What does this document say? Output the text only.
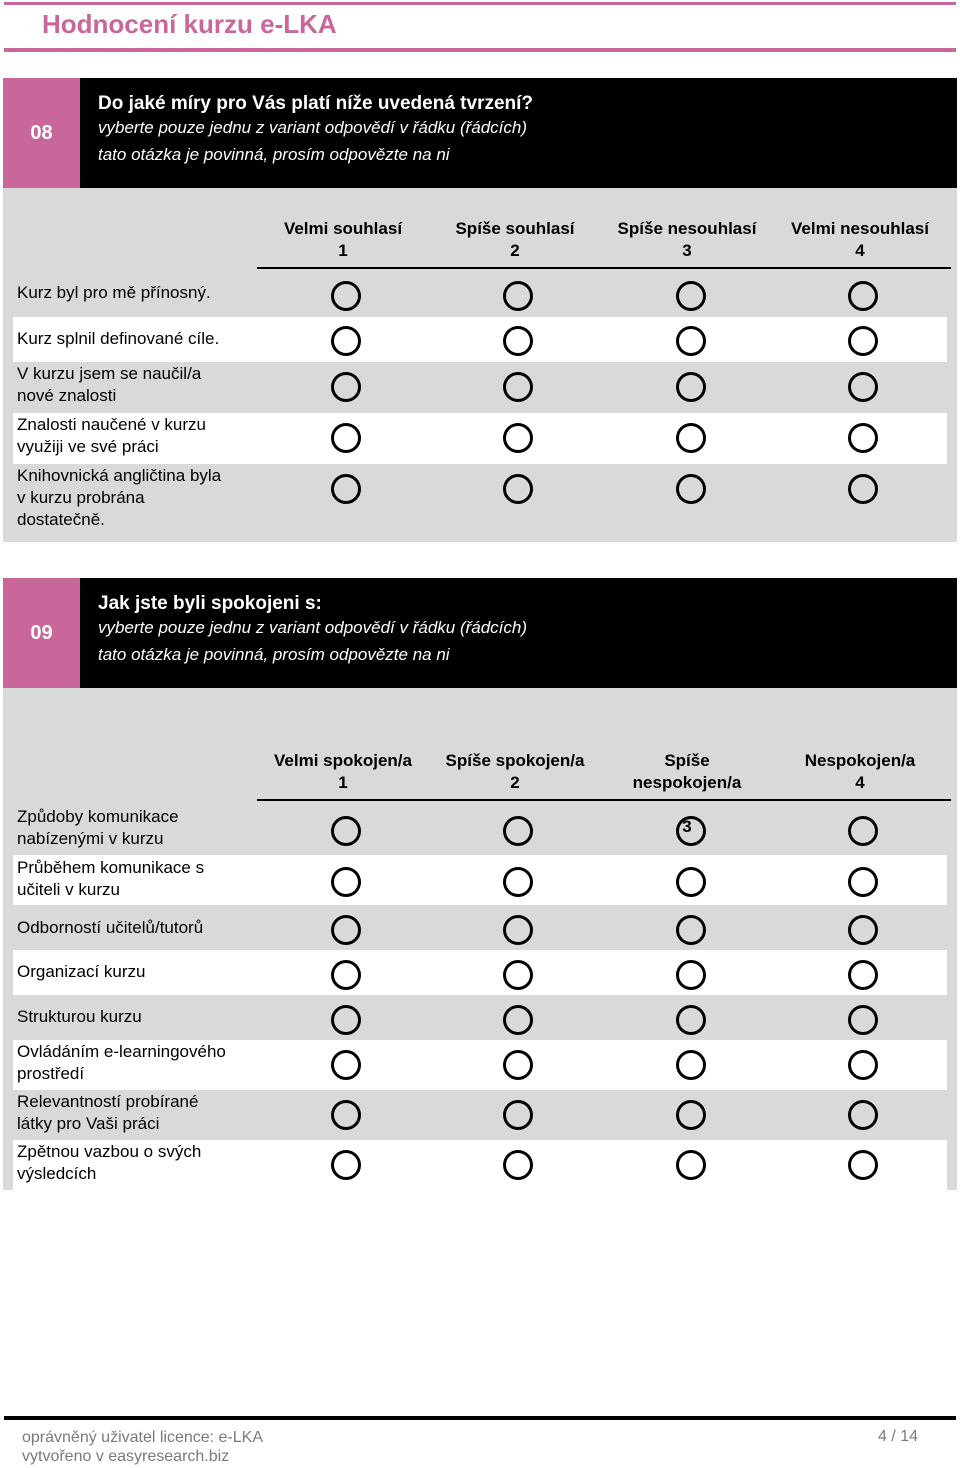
Hodnocení kurzu e-LKA
08
Do jaké míry pro Vás platí níže uvedená tvrzení?
vyberte pouze jednu z variant odpovědí v řádku (řádcích)
tato otázka je povinná, prosím odpovězte na ni
Velmi souhlasí
1
Spíše souhlasí
2
Spíše nesouhlasí
3
Velmi nesouhlasí
4
Kurz byl pro mě přínosný.
Kurz splnil definované cíle.
V kurzu jsem se naučil/a
nové znalosti
Znalosti naučené v kurzu
využiji ve své práci
Knihovnická angličtina byla
v kurzu probrána
dostatečně.
09
Jak jste byli spokojeni s:
vyberte pouze jednu z variant odpovědí v řádku (řádcích)
tato otázka je povinná, prosím odpovězte na ni
Velmi spokojen/a
1
Spíše spokojen/a
2

Spíše
nespokojen/a

3

Nespokojen/a
4
Způdoby komunikace
nabízenými v kurzu
Průběhem komunikace s
učiteli v kurzu
Odborností učitelů/tutorů
Organizací kurzu
Strukturou kurzu
Ovládáním e-learningového
prostředí
Relevantností probírané
látky pro Vaši práci
Zpětnou vazbou o svých
výsledcích
oprávněný uživatel licence: e-LKA
vytvořeno v easyresearch.biz
4 / 14
